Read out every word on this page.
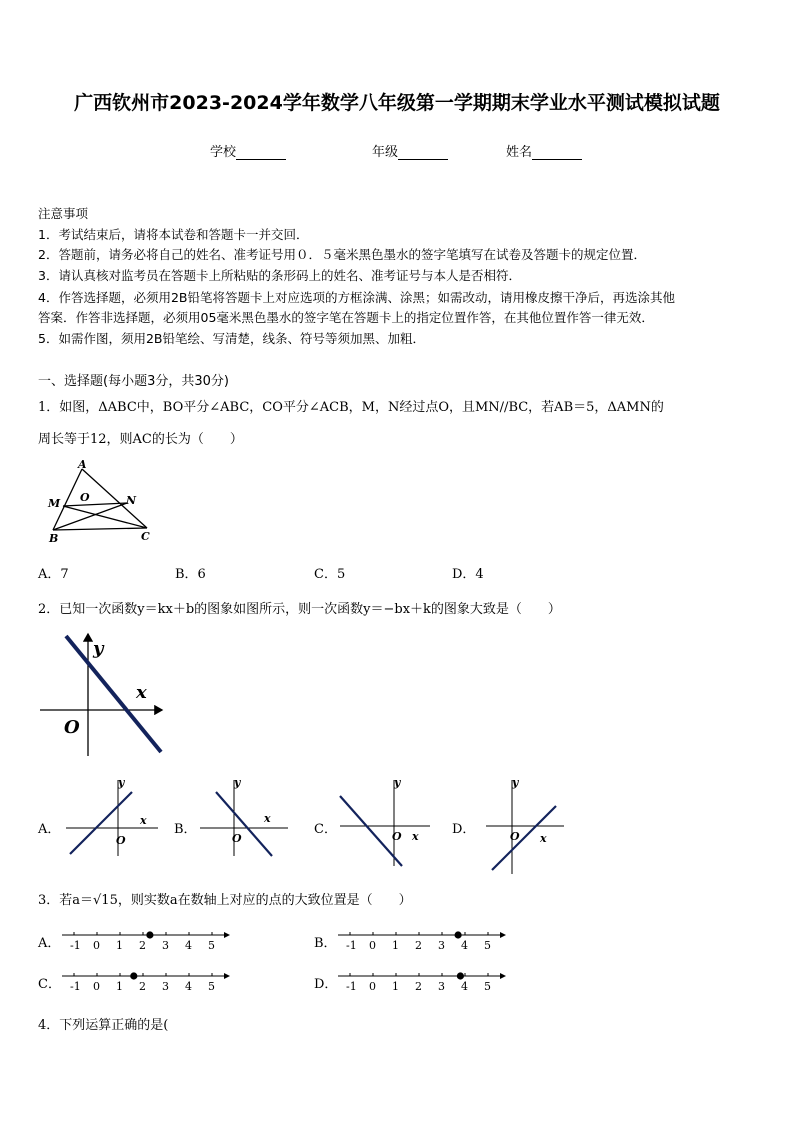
广西钦州市2023-2024学年数学八年级第一学期期末学业水平测试模拟试题
学校	年级	姓名
注意事项
1．考试结束后，请将本试卷和答题卡一并交回．
2．答题前，请务必将自己的姓名、准考证号用０．５毫米黑色墨水的签字笔填写在试卷及答题卡的规定位置．
3．请认真核对监考员在答题卡上所粘贴的条形码上的姓名、准考证号与本人是否相符．
4．作答选择题，必须用2B铅笔将答题卡上对应选项的方框涂满、涂黑；如需改动，请用橡皮擦干净后，再选涂其他
答案．作答非选择题，必须用05毫米黑色墨水的签字笔在答题卡上的指定位置作答，在其他位置作答一律无效．
5．如需作图，须用2B铅笔绘、写清楚，线条、符号等须加黑、加粗．
一、选择题(每小题3分，共30分)
1．如图，ΔABC中，BO平分∠ABC，CO平分∠ACB，M，N经过点O，且MN//BC，若AB＝5，ΔAMN的
周长等于12，则AC的长为（　　）
A
M O	N
B	C
A．7	B．6	C．5	D．4
2．已知一次函数y＝kx＋b的图象如图所示，则一次函数y＝−bx＋k的图象大致是（　　）
y
x
O
A．
y
x
O
B．
y
x
O
C．
y
x
O	D．
y
x
O
3．若a＝√15，则实数a在数轴上对应的点的大致位置是（　　）
A． -1 0 1 2 3 4 5	B． -1 0 1 2 3 4 5
C． -1 0 1 2 3 4 5	D． -1 0 1 2 3 4 5
4．下列运算正确的是(
